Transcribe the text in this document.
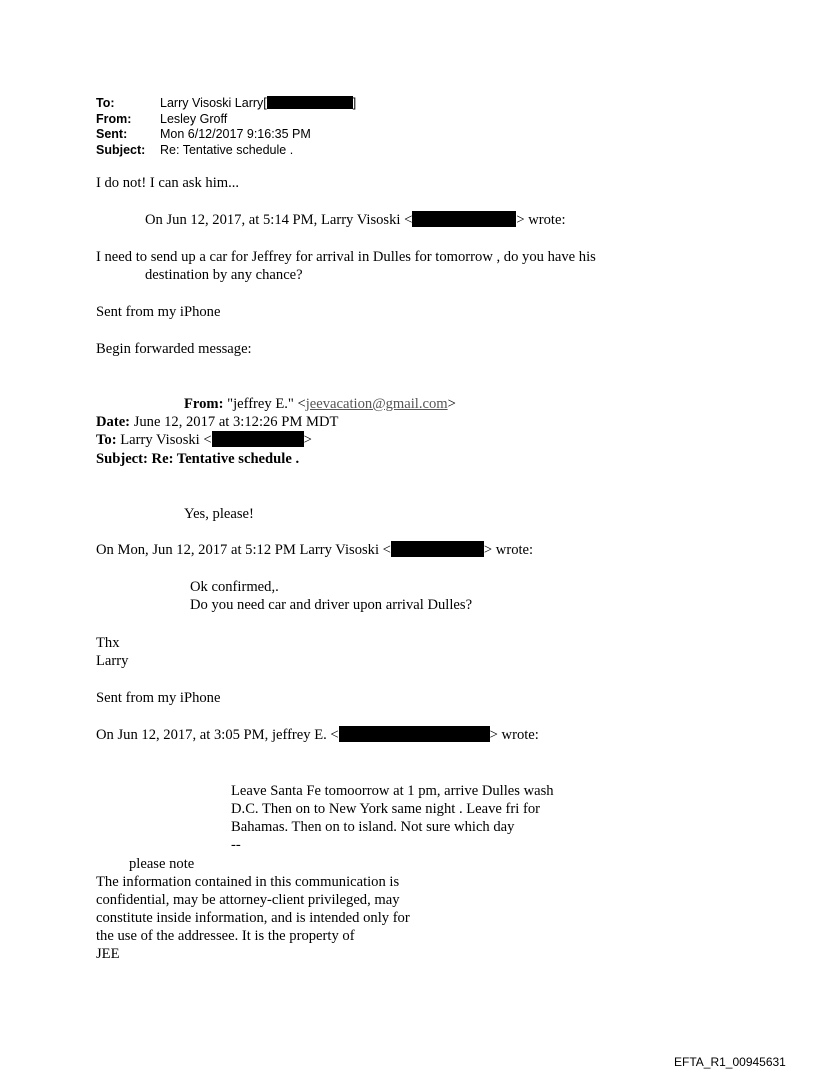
To:	Larry Visoski Larry[	]
From: Lesley Groff
Sent:	Mon 6/12/2017 9:16:35 PM
Subject: Re: Tentative schedule .
I do not! I can ask him...
On Jun 12, 2017, at 5:14 PM, Larry Visoski <	> wrote:
I need to send up a car for Jeffrey for arrival in Dulles for tomorrow , do you have his
destination by any chance?
Sent from my iPhone
Begin forwarded message:
From: "jeffrey E." <jeevacation@gmail.com>
Date: June 12, 2017 at 3:12:26 PM MDT
To: Larry Visoski <	>
Subject: Re: Tentative schedule .
Yes, please!
On Mon, Jun 12, 2017 at 5:12 PM Larry Visoski <	> wrote:
Ok confirmed,.
Do you need car and driver upon arrival Dulles?
Thx
Larry
Sent from my iPhone
On Jun 12, 2017, at 3:05 PM, jeffrey E. <	> wrote:
Leave Santa Fe tomoorrow at 1 pm, arrive Dulles wash
D.C. Then on to New York same night . Leave fri for
Bahamas. Then on to island. Not sure which day
--
please note
The information contained in this communication is
confidential, may be attorney-client privileged, may
constitute inside information, and is intended only for
the use of the addressee. It is the property of
JEE
EFTA_R1_00945631
